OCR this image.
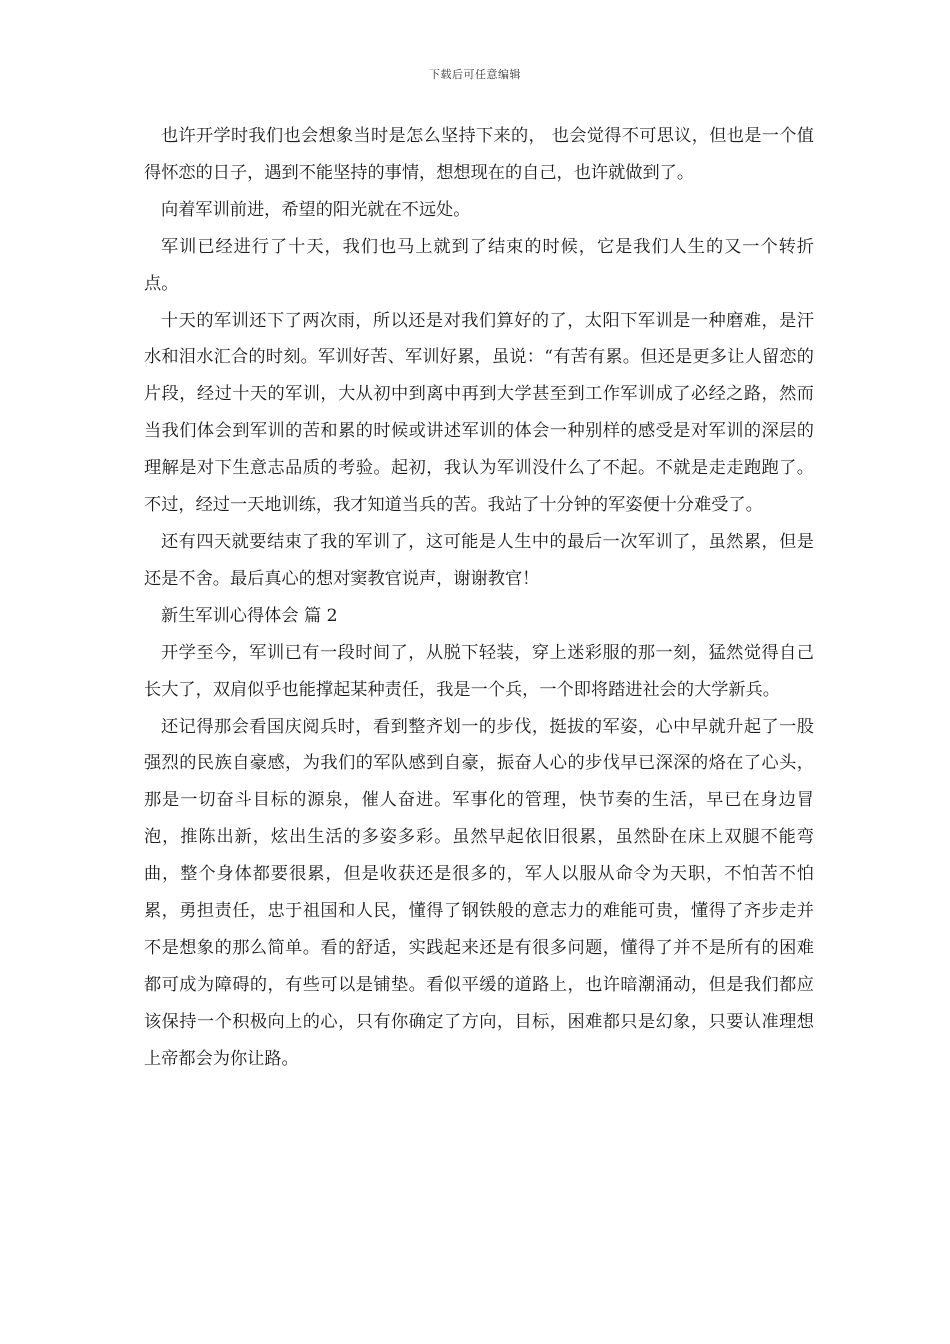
下载后可任意编辑

也许开学时我们也会想象当时是怎么坚持下来的， 也会觉得不可思议，但也是一个值得怀恋的日子，遇到不能坚持的事情，想想现在的自己，也许就做到了。

向着军训前进，希望的阳光就在不远处。

军训已经进行了十天，我们也马上就到了结束的时候，它是我们人生的又一个转折点。

十天的军训还下了两次雨，所以还是对我们算好的了，太阳下军训是一种磨难，是汗水和泪水汇合的时刻。军训好苦、军训好累，虽说：“有苦有累。但还是更多让人留恋的片段，经过十天的军训，大从初中到离中再到大学甚至到工作军训成了必经之路，然而当我们体会到军训的苦和累的时候或讲述军训的体会一种别样的感受是对军训的深层的理解是对下生意志品质的考验。起初，我认为军训没什么了不起。不就是走走跑跑了。不过，经过一天地训练，我才知道当兵的苦。我站了十分钟的军姿便十分难受了。

还有四天就要结束了我的军训了，这可能是人生中的最后一次军训了，虽然累，但是还是不舍。最后真心的想对窦教官说声，谢谢教官！

新生军训心得体会 篇 2

开学至今，军训已有一段时间了，从脱下轻装，穿上迷彩服的那一刻，猛然觉得自己长大了，双肩似乎也能撑起某种责任，我是一个兵，一个即将踏进社会的大学新兵。

还记得那会看国庆阅兵时，看到整齐划一的步伐，挺拔的军姿，心中早就升起了一股强烈的民族自豪感，为我们的军队感到自豪，振奋人心的步伐早已深深的烙在了心头，那是一切奋斗目标的源泉，催人奋进。军事化的管理，快节奏的生活，早已在身边冒泡，推陈出新，炫出生活的多姿多彩。虽然早起依旧很累，虽然卧在床上双腿不能弯曲，整个身体都要很累，但是收获还是很多的，军人以服从命令为天职，不怕苦不怕累，勇担责任，忠于祖国和人民，懂得了钢铁般的意志力的难能可贵，懂得了齐步走并不是想象的那么简单。看的舒适，实践起来还是有很多问题，懂得了并不是所有的困难都可成为障碍的，有些可以是铺垫。看似平缓的道路上，也许暗潮涌动，但是我们都应该保持一个积极向上的心，只有你确定了方向，目标，困难都只是幻象，只要认准理想上帝都会为你让路。
